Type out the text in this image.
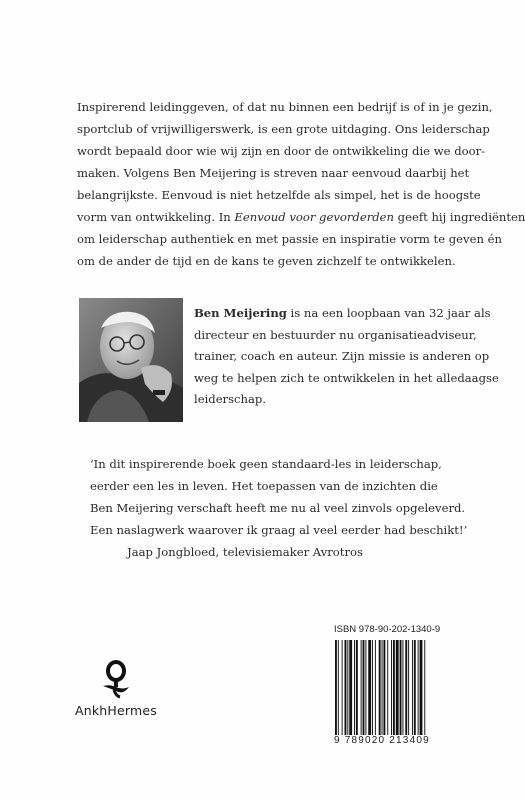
Inspirerend leidinggeven, of dat nu binnen een bedrijf is of in je gezin,
sportclub of vrijwilligerswerk, is een grote uitdaging. Ons leiderschap
wordt bepaald door wie wij zijn en door de ontwikkeling die we door-
maken. Volgens Ben Meijering is streven naar eenvoud daarbij het
belangrijkste. Eenvoud is niet hetzelfde als simpel, het is de hoogste
vorm van ontwikkeling. In Eenvoud voor gevorderden geeft hij ingrediënten
om leiderschap authentiek en met passie en inspiratie vorm te geven én
om de ander de tijd en de kans te geven zichzelf te ontwikkelen.

Ben Meijering is na een loopbaan van 32 jaar als
directeur en bestuurder nu organisatieadviseur,
trainer, coach en auteur. Zijn missie is anderen op
weg te helpen zich te ontwikkelen in het alledaagse
leiderschap.
‘In dit inspirerende boek geen standaard-les in leiderschap,
eerder een les in leven. Het toepassen van de inzichten die
Ben Meijering verschaft heeft me nu al veel zinvols opgeleverd.
Een naslagwerk waarover ik graag al veel eerder had beschikt!’
Jaap Jongbloed, televisiemaker Avrotros
AnkhHermes
ISBN 978-90-202-1340-9
9 789020 213409
